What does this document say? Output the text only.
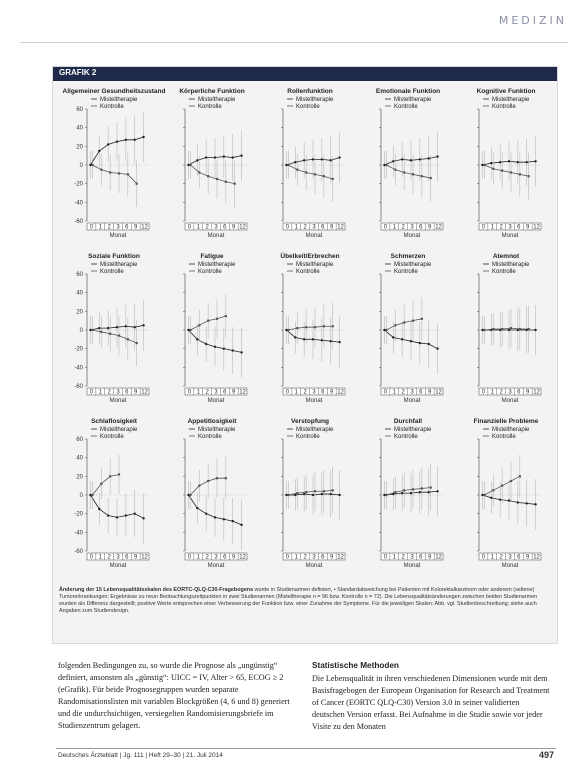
MEDIZIN
GRAFIK 2
Allgemeiner Gesundheitszustand
-60
-40
-20
0
20
40
60
0 1 2 3 6 9 12
Monat
Misteltherapie
Kontrolle
Körperliche Funktion
0 1 2 3 6 9 12
Monat
Misteltherapie
Kontrolle
Rollenfunktion
0 1 2 3 6 9 12
Monat
Misteltherapie
Kontrolle
Emotionale Funktion
0 1 2 3 6 9 12
Monat
Misteltherapie
Kontrolle
Kognitive Funktion
0 1 2 3 6 9 12
Monat
Misteltherapie
Kontrolle
Soziale Funktion
-60
-40
-20
0
20
40
60
0 1 2 3 6 9 12
Monat
Misteltherapie
Kontrolle
Fatigue
0 1 2 3 6 9 12
Monat
Misteltherapie
Kontrolle
Übelkeit/Erbrechen
0 1 2 3 6 9 12
Monat
Misteltherapie
Kontrolle
Schmerzen
0 1 2 3 6 9 12
Monat
Misteltherapie
Kontrolle
Atemnot
0 1 2 3 6 9 12
Monat
Misteltherapie
Kontrolle
Schlaflosigkeit
-60
-40
-20
0
20
40
60
0 1 2 3 6 9 12
Monat
Misteltherapie
Kontrolle
Appetitlosigkeit
0 1 2 3 6 9 12
Monat
Misteltherapie
Kontrolle
Verstopfung
0 1 2 3 6 9 12
Monat
Misteltherapie
Kontrolle
Durchfall
0 1 2 3 6 9 12
Monat
Misteltherapie
Kontrolle
Finanzielle Probleme
0 1 2 3 6 9 12
Monat
Misteltherapie
Kontrolle
Änderung der 15 Lebensqualitätsskalen des EORTC-QLQ-C30-Fragebogens wurde in Studienarmen definiert, • Standardabweichung bei Patienten mit Kolorektalkarzinom oder anderem (seltene) Tumorerkrankungen; Ergebnisse zu neun Beobachtungszeitpunkten in zwei Studienarmen (Misteltherapie n = 96 bzw. Kontrolle n = 72). Die Lebensqualitätsänderungen zwischen beiden Studienarmen wurden als Differenz dargestellt; positive Werte entsprechen einer Verbesserung der Funktion bzw. einer Zunahme der Symptome. Für die jeweiligen Skalen: Abb. vgl. Studienbeschreibung; siehe auch Angaben zum Studiendesign.

folgenden Bedingungen zu, so wurde die Prognose als „ungünstig“ definiert, ansonsten als „günstig“: UICC = IV, Alter > 65, ECOG ≥ 2 (eGrafik). Für beide Prognosegruppen wurden separate Randomisationslisten mit variablen Blockgrößen (4, 6 und 8) generiert und die undurchsichtigen, versiegelten Randomisierungsbriefe im Studienzentrum gelagert.

Statistische Methoden

Die Lebensqualität in ihren verschiedenen Dimensionen wurde mit dem Basisfragebogen der European Organisation for Research and Treatment of Cancer (EORTC QLQ-C30) Version 3.0 in seiner validierten deutschen Version erfasst. Bei Aufnahme in die Studie sowie vor jeder Visite zu den Monaten

Deutsches Ärzteblatt | Jg. 111 | Heft 29–30 | 21. Juli 2014	497
